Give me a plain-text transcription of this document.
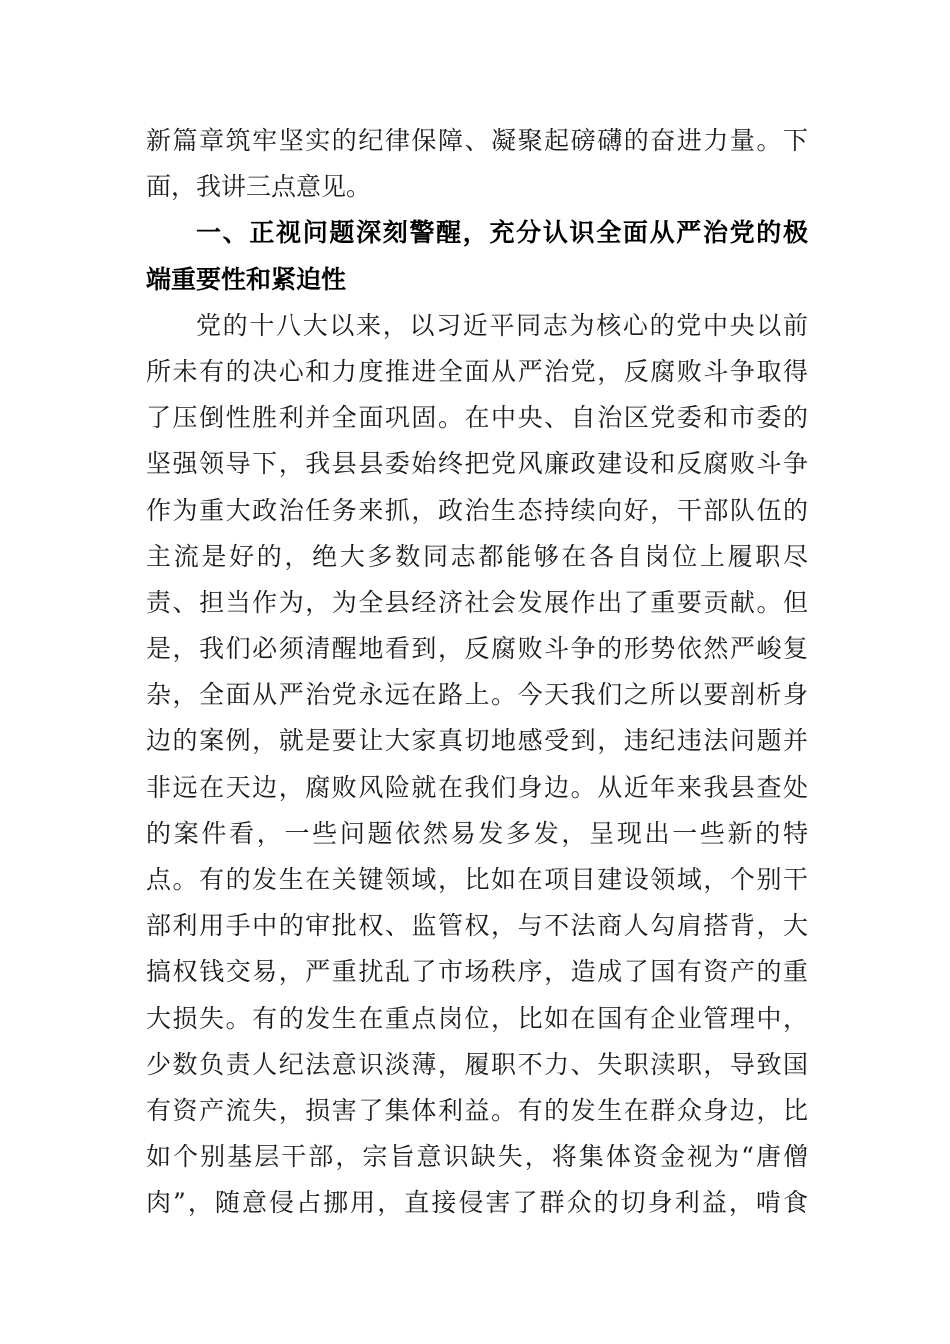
新篇章筑牢坚实的纪律保障、凝聚起磅礴的奋进力量。下
面，我讲三点意见。
一、正视问题深刻警醒，充分认识全面从严治党的极
端重要性和紧迫性
党的十八大以来，以习近平同志为核心的党中央以前
所未有的决心和力度推进全面从严治党，反腐败斗争取得
了压倒性胜利并全面巩固。在中央、自治区党委和市委的
坚强领导下，我县县委始终把党风廉政建设和反腐败斗争
作为重大政治任务来抓，政治生态持续向好，干部队伍的
主流是好的，绝大多数同志都能够在各自岗位上履职尽
责、担当作为，为全县经济社会发展作出了重要贡献。但
是，我们必须清醒地看到，反腐败斗争的形势依然严峻复
杂，全面从严治党永远在路上。今天我们之所以要剖析身
边的案例，就是要让大家真切地感受到，违纪违法问题并
非远在天边，腐败风险就在我们身边。从近年来我县查处
的案件看，一些问题依然易发多发，呈现出一些新的特
点。有的发生在关键领域，比如在项目建设领域，个别干
部利用手中的审批权、监管权，与不法商人勾肩搭背，大
搞权钱交易，严重扰乱了市场秩序，造成了国有资产的重
大损失。有的发生在重点岗位，比如在国有企业管理中，
少数负责人纪法意识淡薄，履职不力、失职渎职，导致国
有资产流失，损害了集体利益。有的发生在群众身边，比
如个别基层干部，宗旨意识缺失，将集体资金视为“唐僧
肉”，随意侵占挪用，直接侵害了群众的切身利益，啃食
